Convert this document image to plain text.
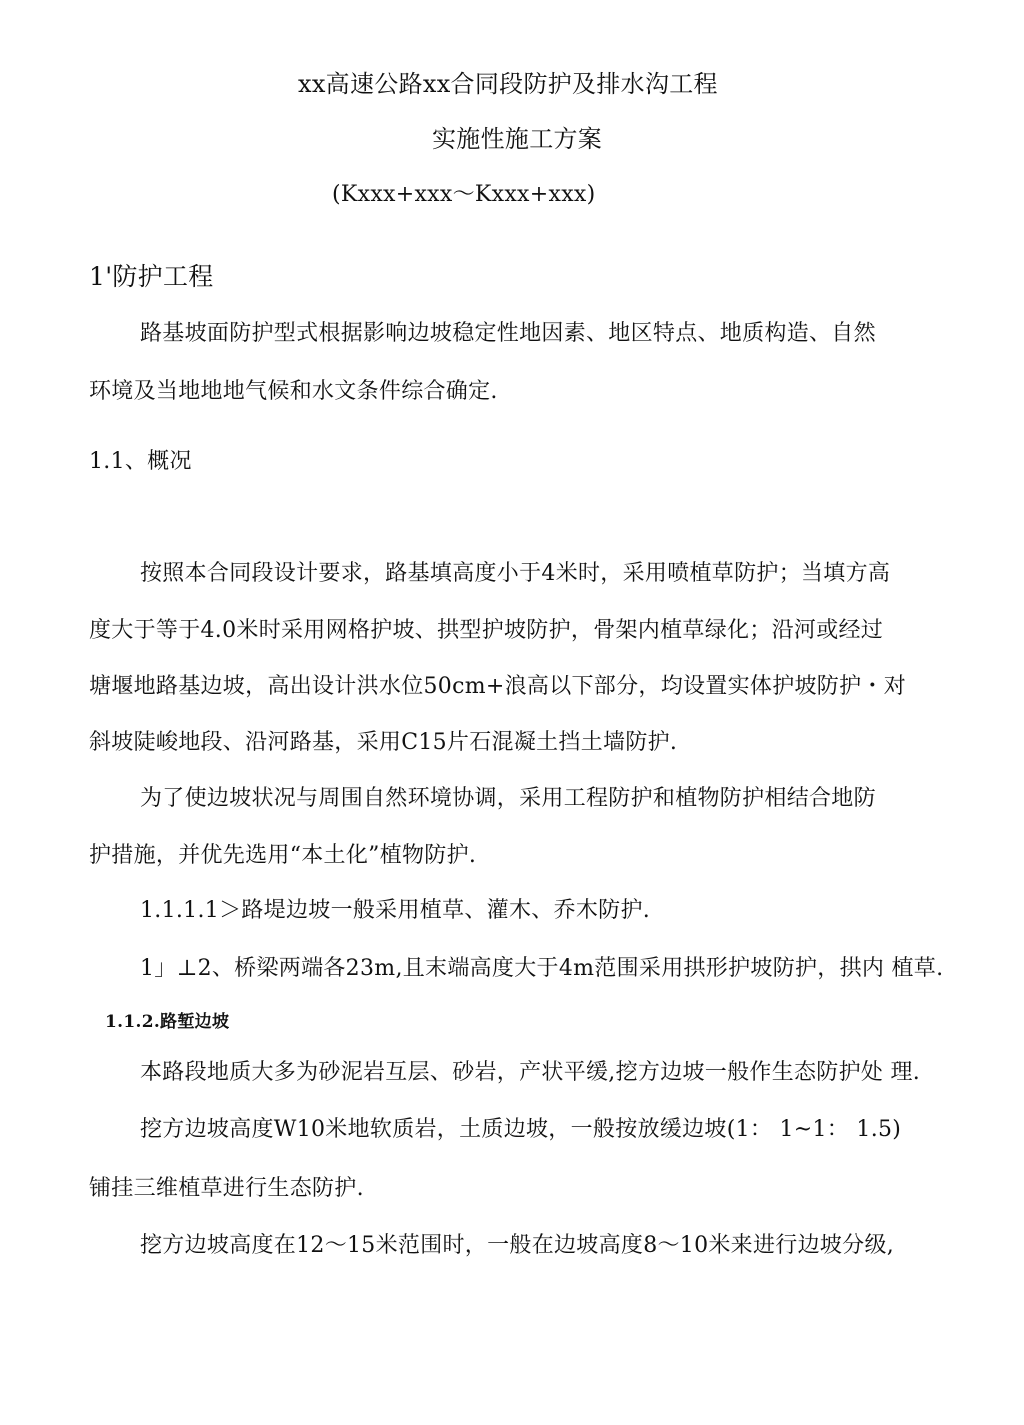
xx高速公路xx合同段防护及排水沟工程

实施性施工方案

(Kxxx+xxx～Kxxx+xxx)

1'防护工程

路基坡面防护型式根据影响边坡稳定性地因素、地区特点、地质构造、自然

环境及当地地地气候和水文条件综合确定.

1.1、概况

按照本合同段设计要求，路基填高度小于4米时，采用喷植草防护；当填方高

度大于等于4.0米时采用网格护坡、拱型护坡防护，骨架内植草绿化；沿河或经过

塘堰地路基边坡，高出设计洪水位50cm+浪高以下部分，均设置实体护坡防护・对

斜坡陡峻地段、沿河路基，采用C15片石混凝土挡土墙防护.

为了使边坡状况与周围自然环境协调，采用工程防护和植物防护相结合地防

护措施，并优先选用“本土化”植物防护.

1.1.1.1＞路堤边坡一般采用植草、灌木、乔木防护.

1」⊥2、桥梁两端各23m,且末端高度大于4m范围采用拱形护坡防护，拱内 植草.

1.1.2.路堑边坡

本路段地质大多为砂泥岩互层、砂岩，产状平缓,挖方边坡一般作生态防护处 理.

挖方边坡高度W10米地软质岩，土质边坡，一般按放缓边坡(1： 1~1： 1.5)

铺挂三维植草进行生态防护.

挖方边坡高度在12～15米范围时，一般在边坡高度8～10米来进行边坡分级,
